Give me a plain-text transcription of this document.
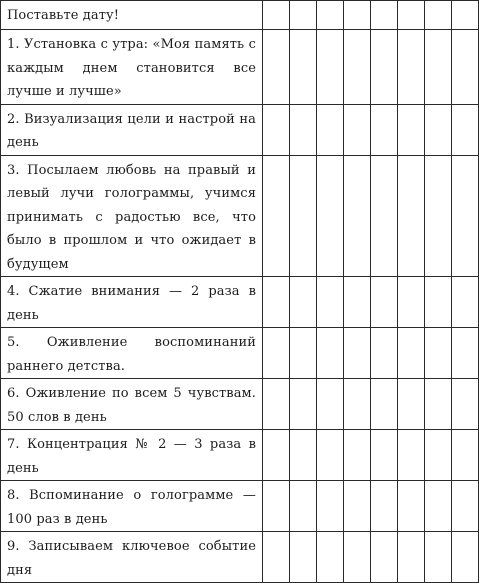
Поставьте дату!								
1. Установка с утра: «Моя память с каждым днем становится все лучше и лучше»								
2. Визуализация цели и настрой на день								
3. Посылаем любовь на правый и левый лучи голограммы, учимся принимать с радостью все, что было в прошлом и что ожидает в будущем								
4. Сжатие внимания — 2 раза в день								
5. Оживление воспоминаний раннего детства.								
6. Оживление по всем 5 чувствам. 50 слов в день								
7. Концентрация № 2 — 3 раза в день								
8. Вспоминание о голограмме — 100 раз в день								
9. Записываем ключевое событие дня								
